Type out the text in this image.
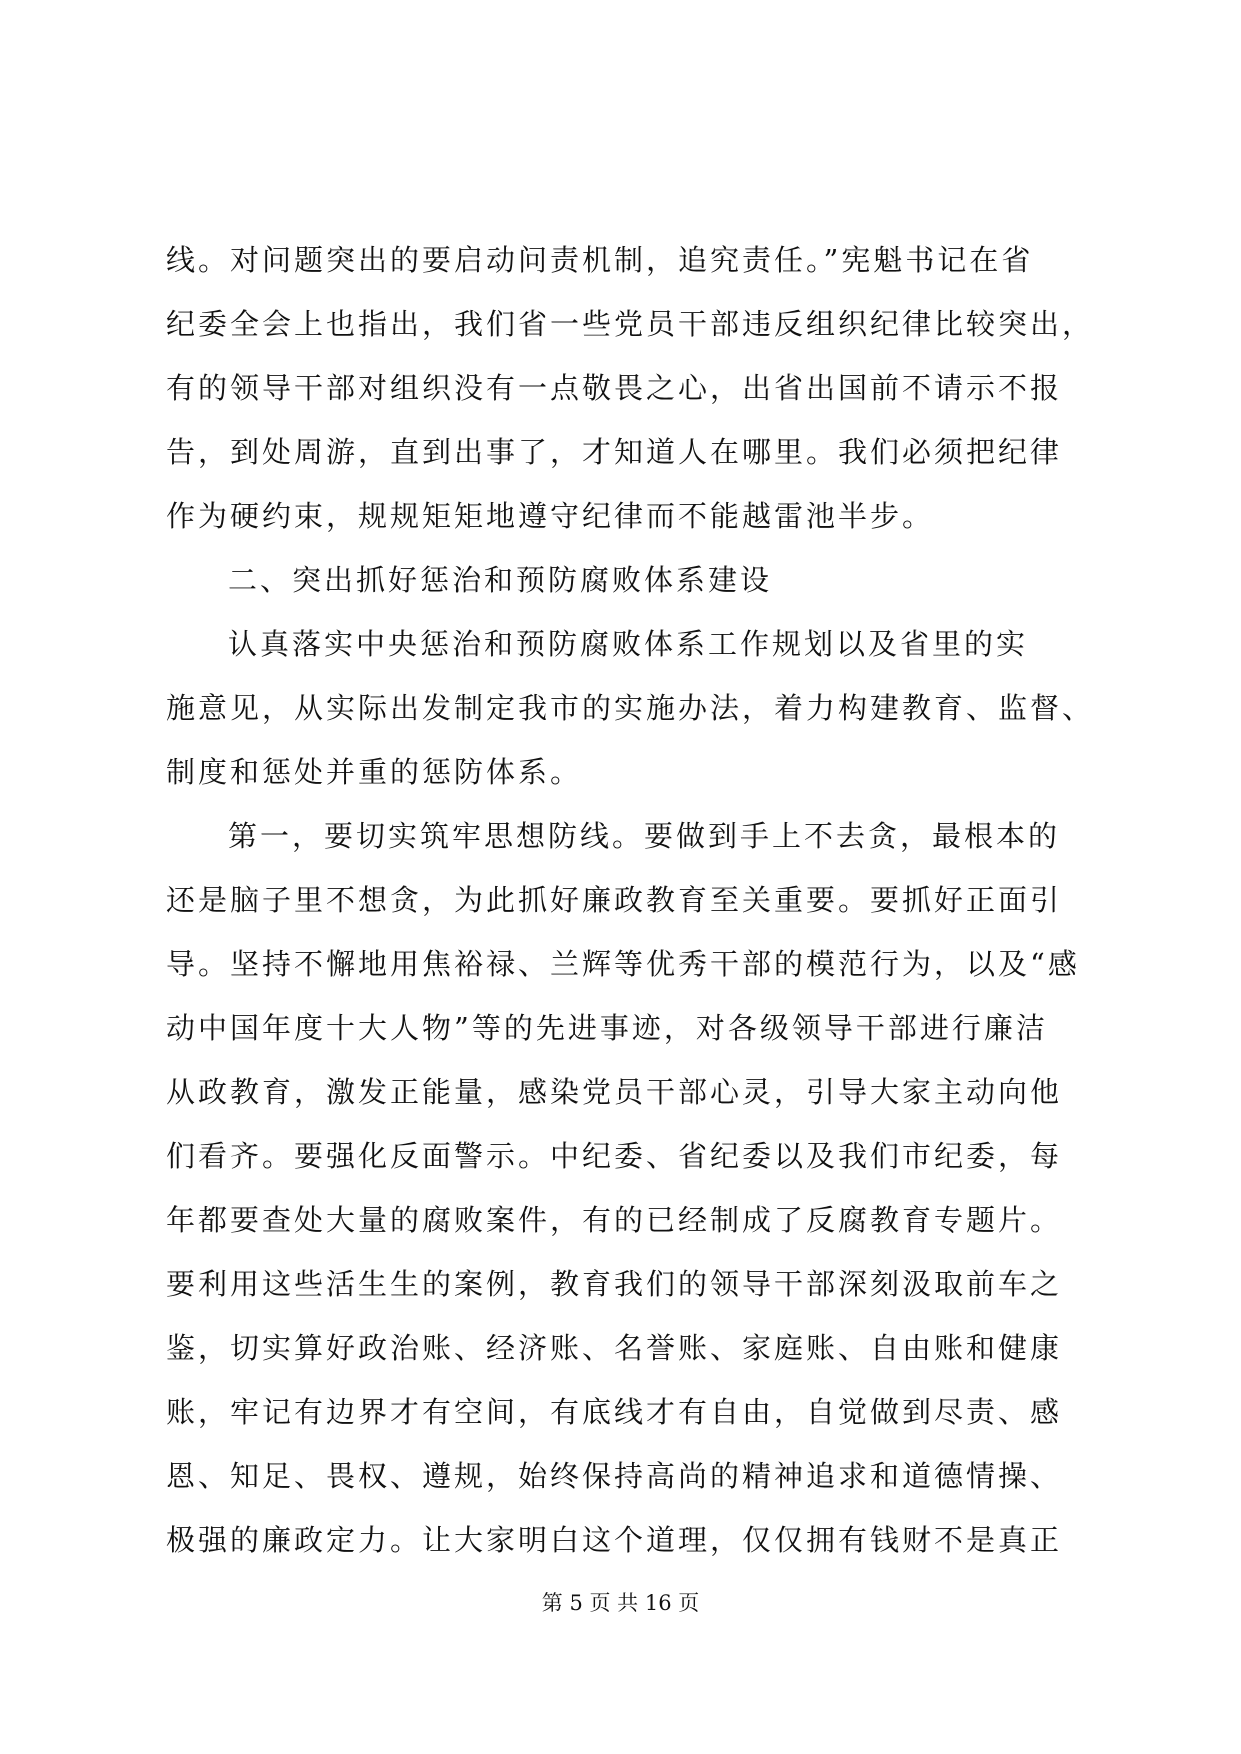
线。对问题突出的要启动问责机制，追究责任。”宪魁书记在省
纪委全会上也指出，我们省一些党员干部违反组织纪律比较突出，
有的领导干部对组织没有一点敬畏之心，出省出国前不请示不报
告，到处周游，直到出事了，才知道人在哪里。我们必须把纪律
作为硬约束，规规矩矩地遵守纪律而不能越雷池半步。
二、突出抓好惩治和预防腐败体系建设
认真落实中央惩治和预防腐败体系工作规划以及省里的实
施意见，从实际出发制定我市的实施办法，着力构建教育、监督、
制度和惩处并重的惩防体系。
第一，要切实筑牢思想防线。要做到手上不去贪，最根本的
还是脑子里不想贪，为此抓好廉政教育至关重要。要抓好正面引
导。坚持不懈地用焦裕禄、兰辉等优秀干部的模范行为，以及“感
动中国年度十大人物”等的先进事迹，对各级领导干部进行廉洁
从政教育，激发正能量，感染党员干部心灵，引导大家主动向他
们看齐。要强化反面警示。中纪委、省纪委以及我们市纪委，每
年都要查处大量的腐败案件，有的已经制成了反腐教育专题片。
要利用这些活生生的案例，教育我们的领导干部深刻汲取前车之
鉴，切实算好政治账、经济账、名誉账、家庭账、自由账和健康
账，牢记有边界才有空间，有底线才有自由，自觉做到尽责、感
恩、知足、畏权、遵规，始终保持高尚的精神追求和道德情操、
极强的廉政定力。让大家明白这个道理，仅仅拥有钱财不是真正
第 5 页 共 16 页
